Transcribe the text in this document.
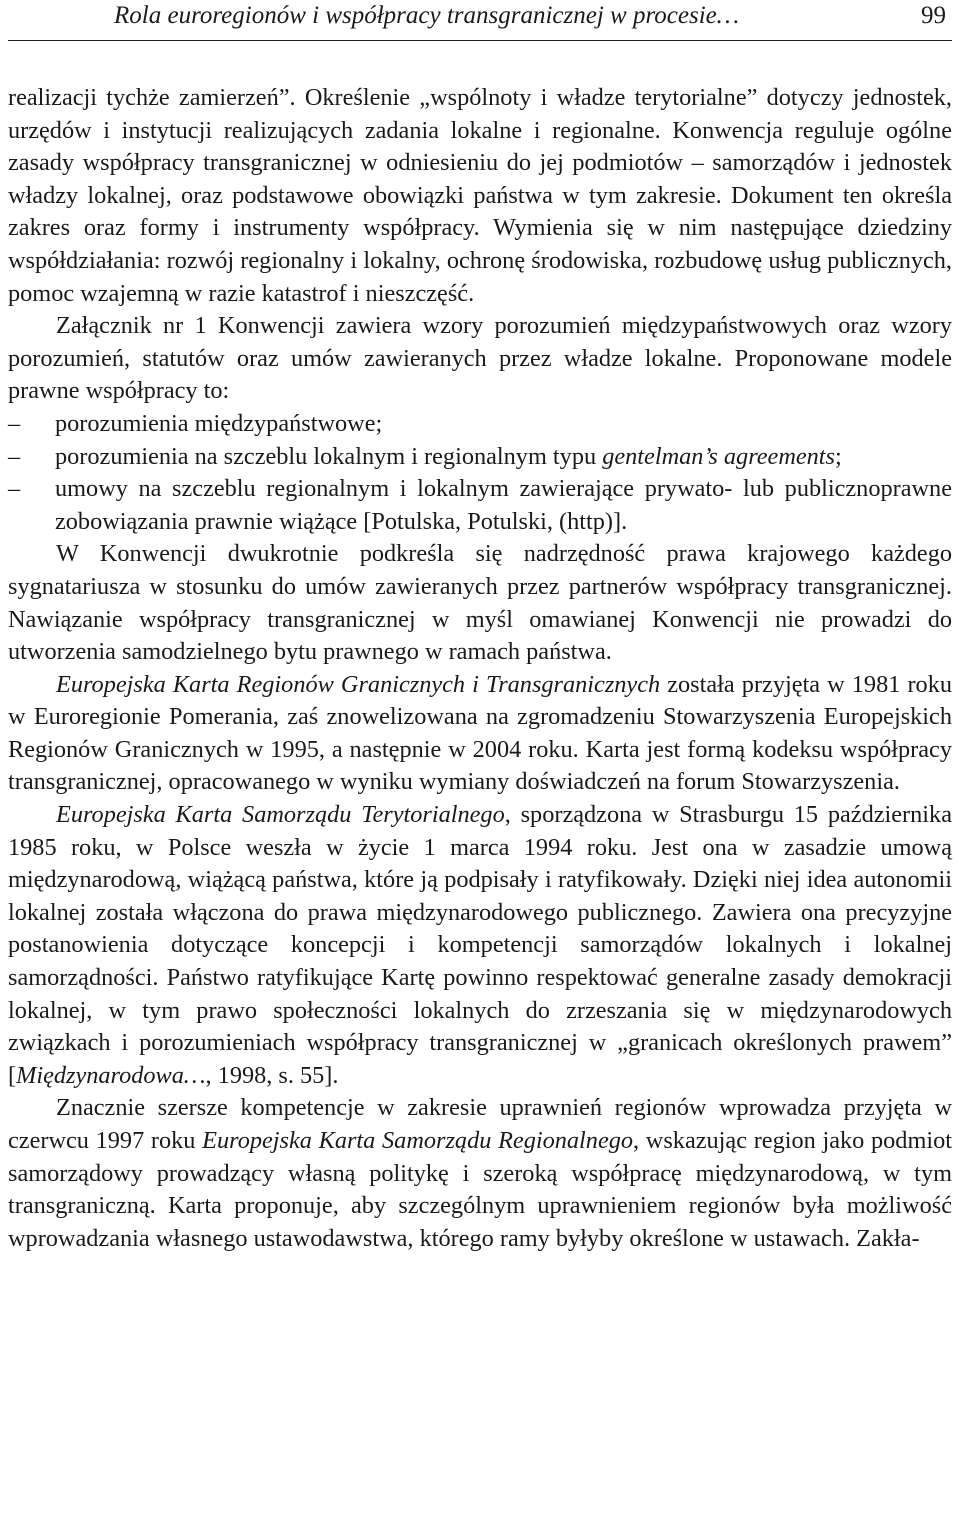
Rola euroregionów i współpracy transgranicznej w procesie…	99

realizacji tychże zamierzeń”. Określenie „wspólnoty i władze terytorialne” dotyczy jednostek, urzędów i instytucji realizujących zadania lokalne i regionalne. Konwencja reguluje ogólne zasady współpracy transgranicznej w odniesieniu do jej podmiotów – samorządów i jednostek władzy lokalnej, oraz podstawowe obowiązki państwa w tym zakresie. Dokument ten określa zakres oraz formy i instrumenty współpracy. Wymienia się w nim następujące dziedziny współdziałania: rozwój regionalny i lokalny, ochronę środowiska, rozbudowę usług publicznych, pomoc wzajemną w razie katastrof i nieszczęść.

Załącznik nr 1 Konwencji zawiera wzory porozumień międzypaństwowych oraz wzory porozumień, statutów oraz umów zawieranych przez władze lokalne. Proponowane modele prawne współpracy to:

– porozumienia międzypaństwowe;
– porozumienia na szczeblu lokalnym i regionalnym typu gentelman’s agreements;
– umowy na szczeblu regionalnym i lokalnym zawierające prywato- lub publicznoprawne zobowiązania prawnie wiążące [Potulska, Potulski, (http)].

W Konwencji dwukrotnie podkreśla się nadrzędność prawa krajowego każdego sygnatariusza w stosunku do umów zawieranych przez partnerów współpracy transgranicznej. Nawiązanie współpracy transgranicznej w myśl omawianej Konwencji nie prowadzi do utworzenia samodzielnego bytu prawnego w ramach państwa.

Europejska Karta Regionów Granicznych i Transgranicznych została przyjęta w 1981 roku w Euroregionie Pomerania, zaś znowelizowana na zgromadzeniu Stowarzyszenia Europejskich Regionów Granicznych w 1995, a następnie w 2004 roku. Karta jest formą kodeksu współpracy transgranicznej, opracowanego w wyniku wymiany doświadczeń na forum Stowarzyszenia.

Europejska Karta Samorządu Terytorialnego, sporządzona w Strasburgu 15 października 1985 roku, w Polsce weszła w życie 1 marca 1994 roku. Jest ona w zasadzie umową międzynarodową, wiążącą państwa, które ją podpisały i ratyfikowały. Dzięki niej idea autonomii lokalnej została włączona do prawa międzynarodowego publicznego. Zawiera ona precyzyjne postanowienia dotyczące koncepcji i kompetencji samorządów lokalnych i lokalnej samorządności. Państwo ratyfikujące Kartę powinno respektować generalne zasady demokracji lokalnej, w tym prawo społeczności lokalnych do zrzeszania się w międzynarodowych związkach i porozumieniach współpracy transgranicznej w „granicach określonych prawem” [Międzynarodowa…, 1998, s. 55].

Znacznie szersze kompetencje w zakresie uprawnień regionów wprowadza przyjęta w czerwcu 1997 roku Europejska Karta Samorządu Regionalnego, wskazując region jako podmiot samorządowy prowadzący własną politykę i szeroką współpracę międzynarodową, w tym transgraniczną. Karta proponuje, aby szczególnym uprawnieniem regionów była możliwość wprowadzania własnego ustawodawstwa, którego ramy byłyby określone w ustawach. Zakła-
